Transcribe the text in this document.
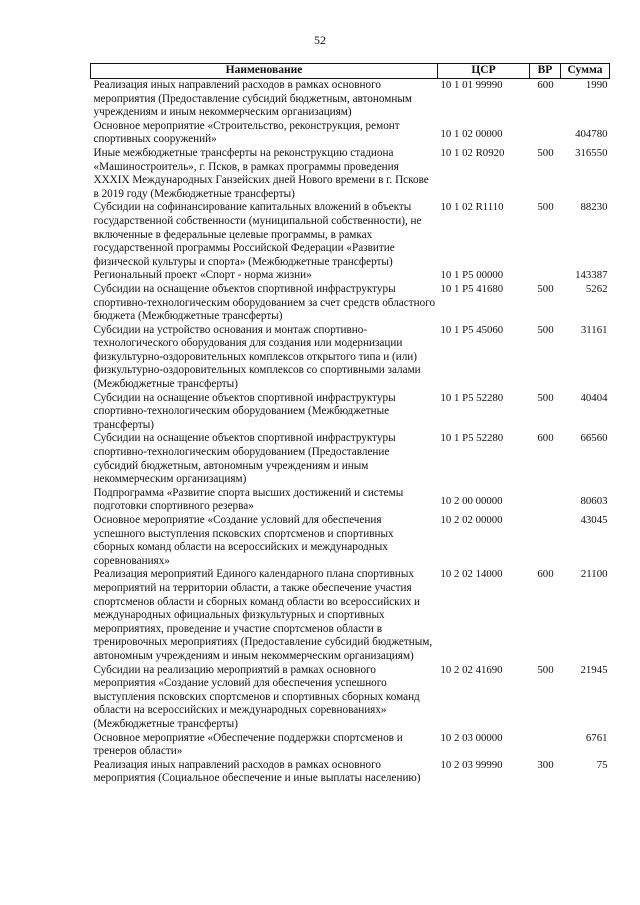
52
Наименование	ЦСР	ВР	Сумма
Реализация иных направлений расходов в рамках основного мероприятия (Предоставление субсидий бюджетным, автономным учреждениям и иным некоммерческим организациям)	10 1 01 99990	600	1990
Основное мероприятие «Строительство, реконструкция, ремонт спортивных сооружений»	10 1 02 00000		404780
Иные межбюджетные трансферты на реконструкцию стадиона «Машиностроитель», г. Псков, в рамках программы проведения XXXIX Международных Ганзейских дней Нового времени в г. Пскове в 2019 году (Межбюджетные трансферты)	10 1 02 R0920	500	316550
Субсидии на софинансирование капитальных вложений в объекты государственной собственности (муниципальной собственности), не включенные в федеральные целевые программы, в рамках государственной программы Российской Федерации «Развитие физической культуры и спорта» (Межбюджетные трансферты)	10 1 02 R1110	500	88230
Региональный проект «Спорт - норма жизни»	10 1 P5 00000		143387
Субсидии на оснащение объектов спортивной инфраструктуры спортивно-технологическим оборудованием за счет средств областного бюджета (Межбюджетные трансферты)	10 1 P5 41680	500	5262
Субсидии на устройство основания и монтаж спортивно-технологического оборудования для создания или модернизации физкультурно-оздоровительных комплексов открытого типа и (или) физкультурно-оздоровительных комплексов со спортивными залами (Межбюджетные трансферты)	10 1 P5 45060	500	31161
Субсидии на оснащение объектов спортивной инфраструктуры спортивно-технологическим оборудованием (Межбюджетные трансферты)	10 1 P5 52280	500	40404
Субсидии на оснащение объектов спортивной инфраструктуры спортивно-технологическим оборудованием (Предоставление субсидий бюджетным, автономным учреждениям и иным некоммерческим организациям)	10 1 P5 52280	600	66560
Подпрограмма «Развитие спорта высших достижений и системы подготовки спортивного резерва»	10 2 00 00000		80603
Основное мероприятие «Создание условий для обеспечения успешного выступления псковских спортсменов и спортивных сборных команд области на всероссийских и международных соревнованиях»	10 2 02 00000		43045
Реализация мероприятий Единого календарного плана спортивных мероприятий на территории области, а также обеспечение участия спортсменов области и сборных команд области во всероссийских и международных официальных физкультурных и спортивных мероприятиях, проведение и участие спортсменов области в тренировочных мероприятиях (Предоставление субсидий бюджетным, автономным учреждениям и иным некоммерческим организациям)	10 2 02 14000	600	21100
Субсидии на реализацию мероприятий в рамках основного мероприятия «Создание условий для обеспечения успешного выступления псковских спортсменов и спортивных сборных команд области на всероссийских и международных соревнованиях» (Межбюджетные трансферты)	10 2 02 41690	500	21945
Основное мероприятие «Обеспечение поддержки спортсменов и тренеров области»	10 2 03 00000		6761
Реализация иных направлений расходов в рамках основного мероприятия (Социальное обеспечение и иные выплаты населению)	10 2 03 99990	300	75
